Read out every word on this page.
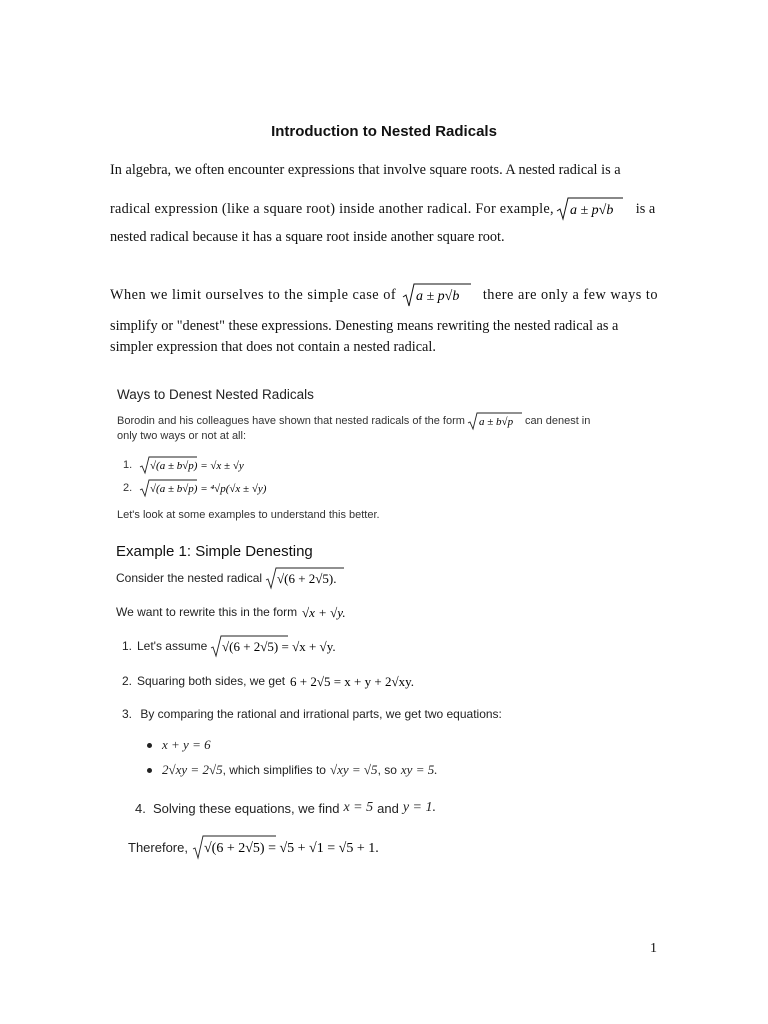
Introduction to Nested Radicals
In algebra, we often encounter expressions that involve square roots. A nested radical is a
radical expression (like a square root) inside another radical. For example, a ± p√b is a
nested radical because it has a square root inside another square root.
When we limit ourselves to the simple case of a ± p√b there are only a few ways to
simplify or "denest" these expressions. Denesting means rewriting the nested radical as a
simpler expression that does not contain a nested radical.
Ways to Denest Nested Radicals
Borodin and his colleagues have shown that nested radicals of the form a ± b√p can denest in
only two ways or not at all:
1.	√(a ± b√p) = √x ± √y
2.	√(a ± b√p) = ⁴√p(√x ± √y)
Let's look at some examples to understand this better.
Example 1: Simple Denesting
Consider the nested radical √(6 + 2√5).
We want to rewrite this in the form √x + √y.
1. Let's assume √(6 + 2√5) = √x + √y.
2. Squaring both sides, we get 6 + 2√5 = x + y + 2√xy.
3. By comparing the rational and irrational parts, we get two equations:
x + y = 6
2√xy = 2√5 , which simplifies to √xy = √5 , so xy = 5.
4. Solving these equations, we find x = 5 and y = 1.
Therefore, √(6 + 2√5) = √5 + √1 = √5 + 1.
1
